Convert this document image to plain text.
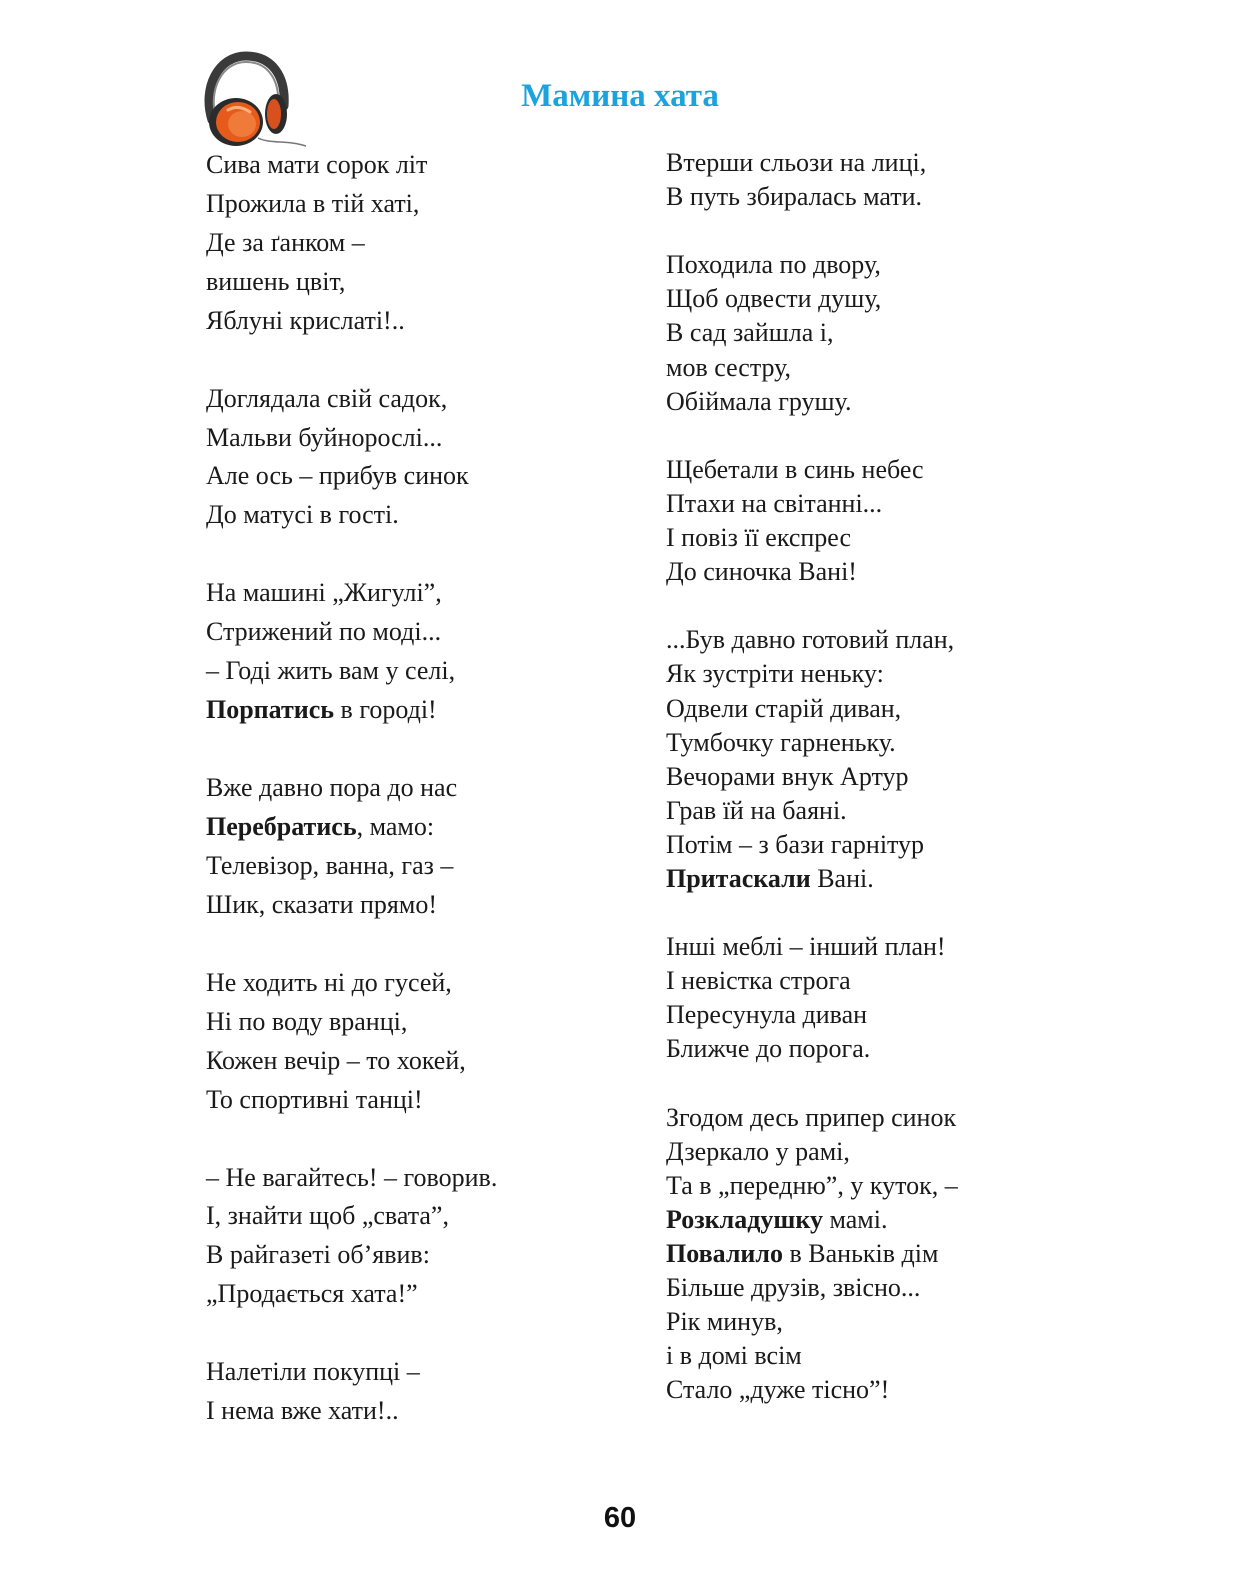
Мамина хата
Сива мати сорок літ
Прожила в тій хаті,
Де за ґанком –
вишень цвіт,
Яблуні крислаті!..
Доглядала свій садок,
Мальви буйнорослі...
Але ось – прибув синок
До матусі в гості.
На машині „Жигулі”,
Стрижений по моді...
– Годі жить вам у селі,
Порпатись в городі!
Вже давно пора до нас
Перебратись, мамо:
Телевізор, ванна, газ –
Шик, сказати прямо!
Не ходить ні до гусей,
Ні по воду вранці,
Кожен вечір – то хокей,
То спортивні танці!
– Не вагайтесь! – говорив.
І, знайти щоб „свата”,
В райгазеті об’явив:
„Продається хата!”
Налетіли покупці –
І нема вже хати!..
Втерши сльози на лиці,
В путь збиралась мати.
Походила по двору,
Щоб одвести душу,
В сад зайшла і,
мов сестру,
Обіймала грушу.
Щебетали в синь небес
Птахи на світанні...
І повіз її експрес
До синочка Вані!
...Був давно готовий план,
Як зустріти неньку:
Одвели старій диван,
Тумбочку гарненьку.
Вечорами внук Артур
Грав їй на баяні.
Потім – з бази гарнітур
Притаскали Вані.
Інші меблі – інший план!
І невістка строга
Пересунула диван
Ближче до порога.
Згодом десь припер синок
Дзеркало у рамі,
Та в „передню”, у куток, –
Розкладушку мамі.
Повалило в Ваньків дім
Більше друзів, звісно...
Рік минув,
і в домі всім
Стало „дуже тісно”!
60
